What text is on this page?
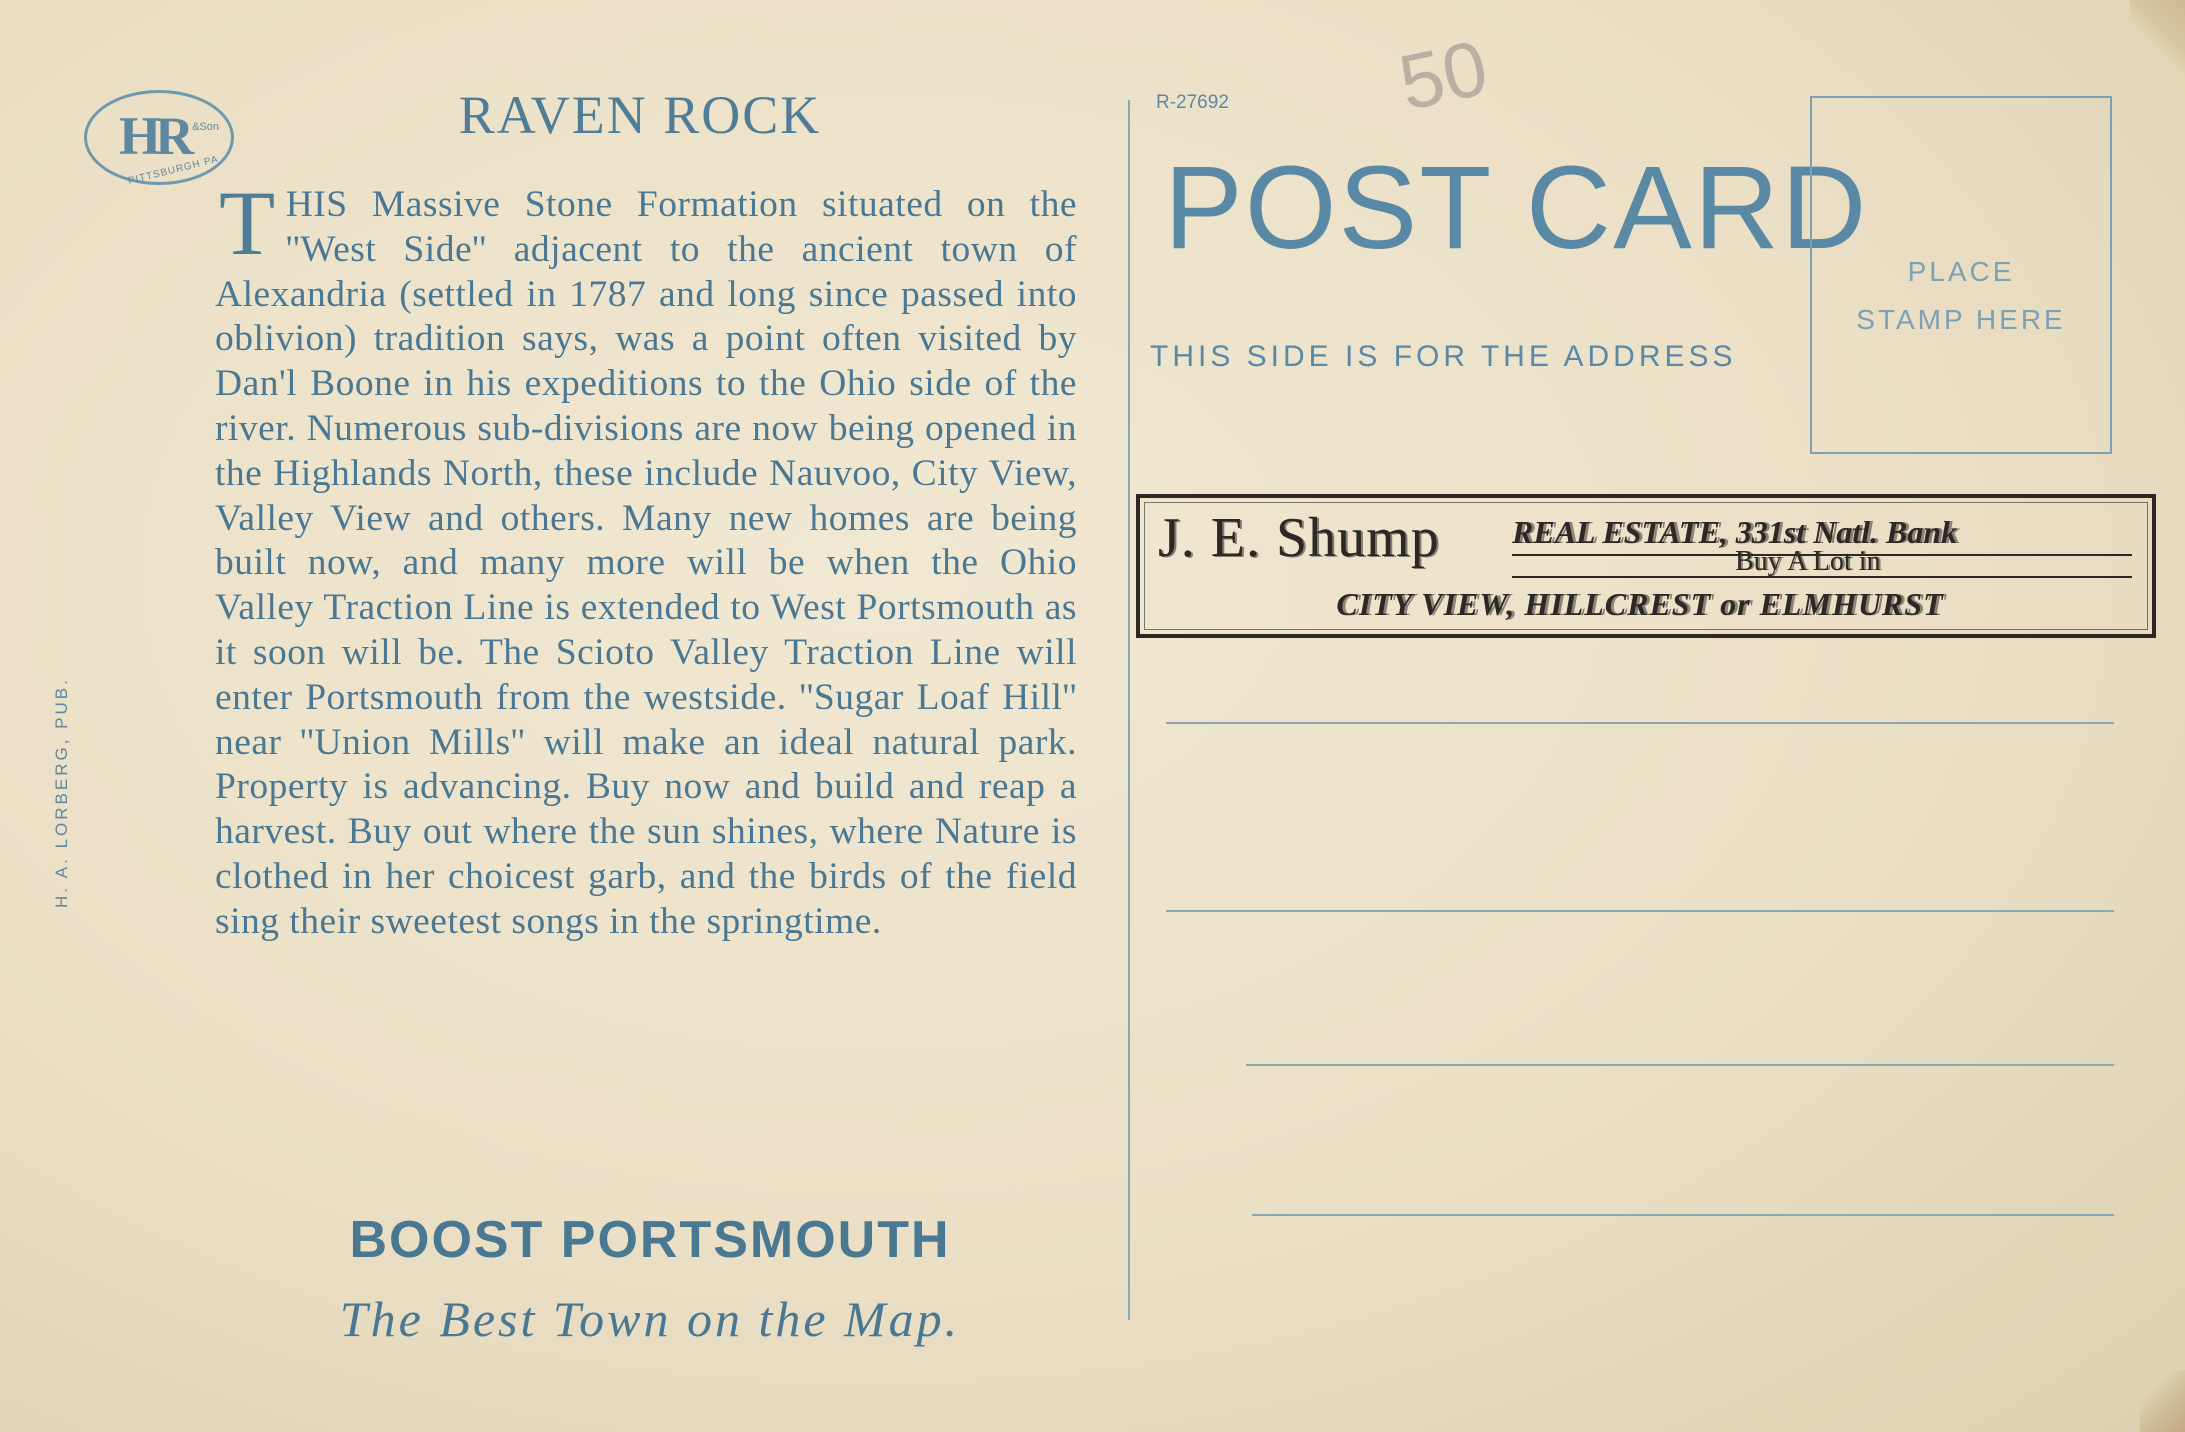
HR &Son
PITTSBURGH PA
RAVEN ROCK
T HIS Massive Stone Formation situated on the ''West Side'' adjacent to the ancient town of Alexandria (settled in 1787 and long since passed into oblivion) tradition says, was a point often visited by Dan'l Boone in his expeditions to the Ohio side of the river. Numerous sub-divisions are now being opened in the Highlands North, these include Nauvoo, City View, Valley View and others. Many new homes are being built now, and many more will be when the Ohio Valley Traction Line is extended to West Portsmouth as it soon will be. The Scioto Valley Traction Line will enter Portsmouth from the westside. ''Sugar Loaf Hill'' near ''Union Mills'' will make an ideal natural park. Property is advancing. Buy now and build and reap a harvest. Buy out where the sun shines, where Nature is clothed in her choicest garb, and the birds of the field sing their sweetest songs in the springtime.
BOOST PORTSMOUTH
The Best Town on the Map.
H. A. LORBERG, PUB.
R-27692 50
POST CARD
THIS SIDE IS FOR THE ADDRESS
PLACE
STAMP HERE
J. E. Shump REAL ESTATE, 331st Natl. Bank
Buy A Lot in
CITY VIEW, HILLCREST or ELMHURST
